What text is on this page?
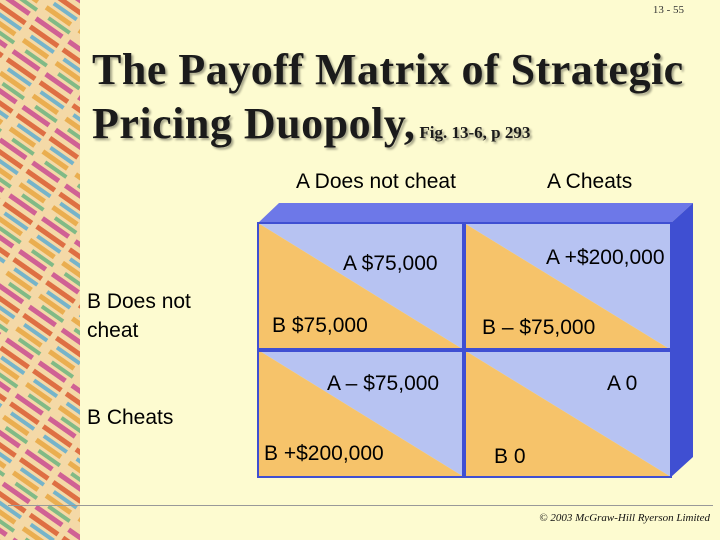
13 - 55
The Payoff Matrix of Strategic
Pricing Duopoly, Fig. 13-6, p 293
A Does not cheat	A Cheats
B Does not
cheat
B Cheats
A $75,000
B $75,000
A +$200,000
B – $75,000
A – $75,000
B +$200,000
A 0
B 0
© 2003 McGraw-Hill Ryerson Limited
